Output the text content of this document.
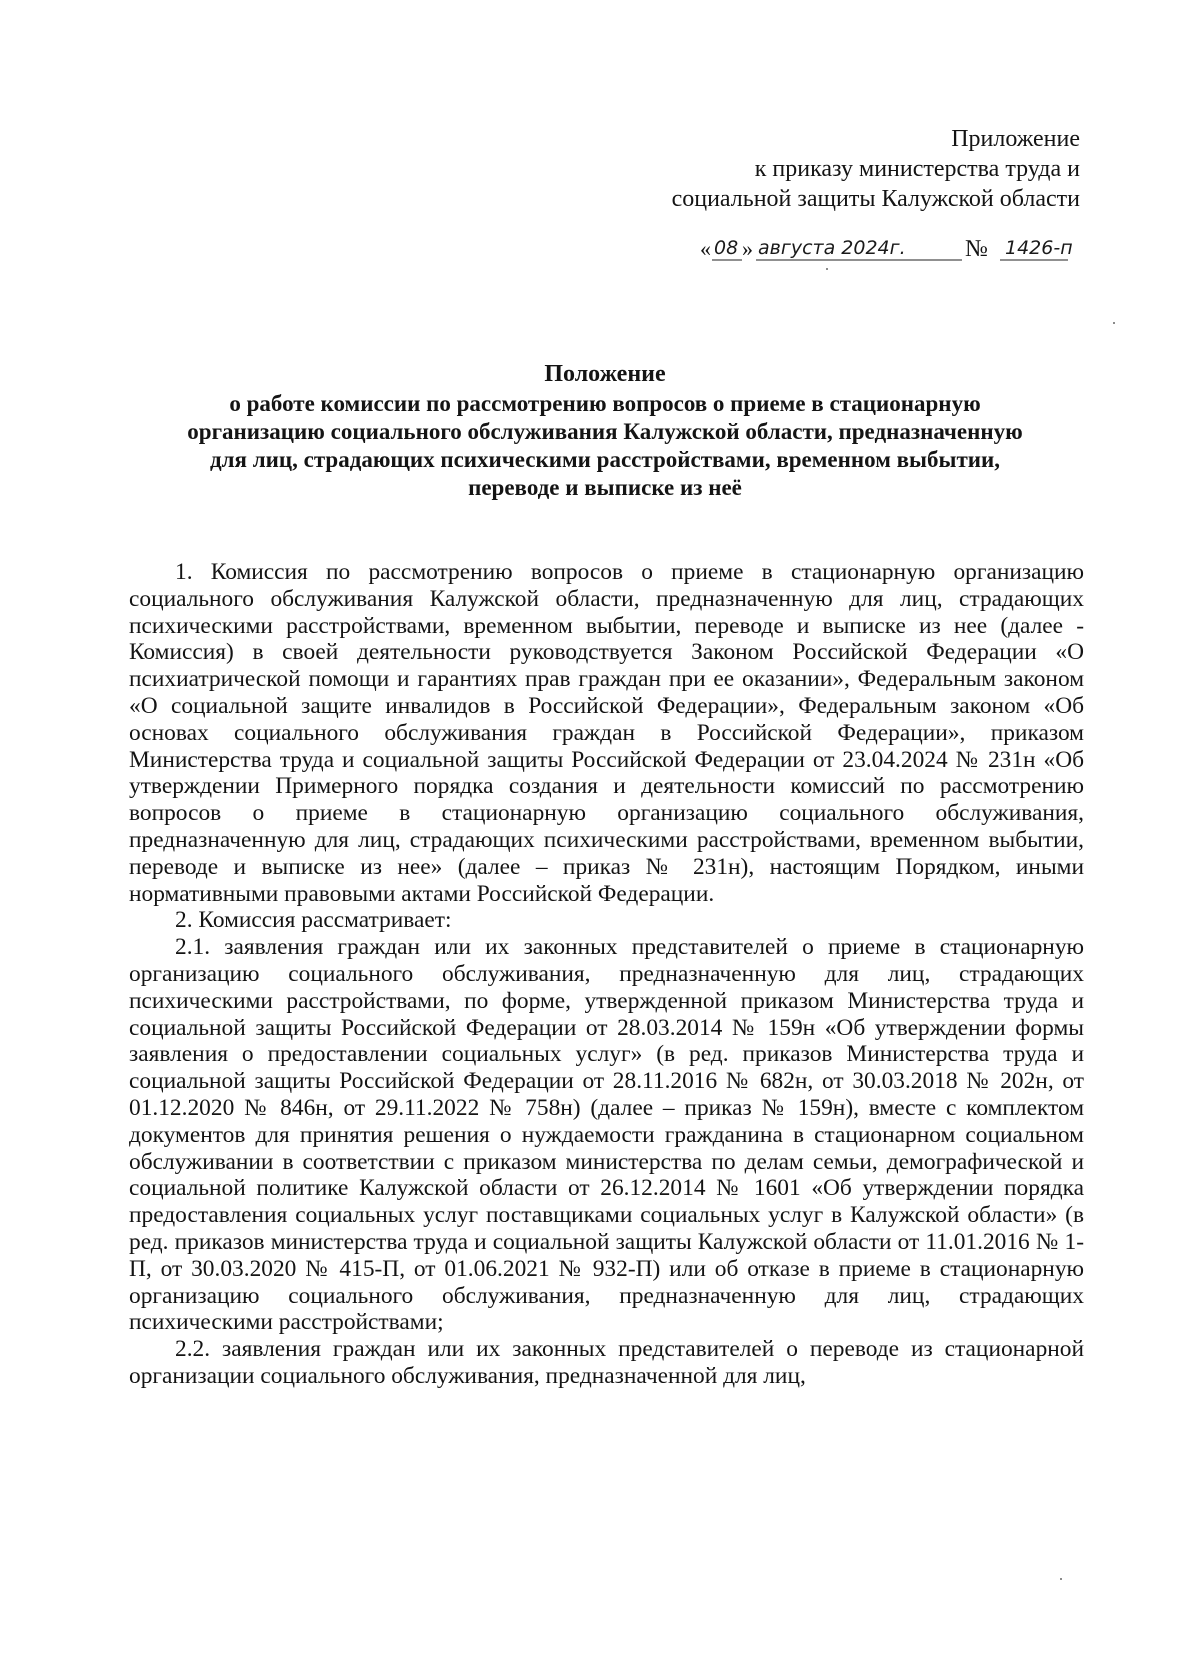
Приложение
к приказу министерства труда и
социальной защиты Калужской области
« 08 » августа 2024г.	1426-п
№
Положение
о работе комиссии по рассмотрению вопросов о приеме в стационарную
организацию социального обслуживания Калужской области, предназначенную
для лиц, страдающих психическими расстройствами, временном выбытии,
переводе и выписке из неё

1. Комиссия по рассмотрению вопросов о приеме в стационарную организацию социального обслуживания Калужской области, предназначенную для лиц, страдающих психическими расстройствами, временном выбытии, переводе и выписке из нее (далее - Комиссия) в своей деятельности руководствуется Законом Российской Федерации «О психиатрической помощи и гарантиях прав граждан при ее оказании», Федеральным законом «О социальной защите инвалидов в Российской Федерации», Федеральным законом «Об основах социального обслуживания граждан в Российской Федерации», приказом Министерства труда и социальной защиты Российской Федерации от 23.04.2024 № 231н «Об утверждении Примерного порядка создания и деятельности комиссий по рассмотрению вопросов о приеме в стационарную организацию социального обслуживания, предназначенную для лиц, страдающих психическими расстройствами, временном выбытии, переводе и выписке из нее» (далее – приказ № 231н), настоящим Порядком, иными нормативными правовыми актами Российской Федерации.

2. Комиссия рассматривает:

2.1. заявления граждан или их законных представителей о приеме в стационарную организацию социального обслуживания, предназначенную для лиц, страдающих психическими расстройствами, по форме, утвержденной приказом Министерства труда и социальной защиты Российской Федерации от 28.03.2014 № 159н «Об утверждении формы заявления о предоставлении социальных услуг» (в ред. приказов Министерства труда и социальной защиты Российской Федерации от 28.11.2016 № 682н, от 30.03.2018 № 202н, от 01.12.2020 № 846н, от 29.11.2022 № 758н) (далее – приказ № 159н), вместе с комплектом документов для принятия решения о нуждаемости гражданина в стационарном социальном обслуживании в соответствии с приказом министерства по делам семьи, демографической и социальной политике Калужской области от 26.12.2014 № 1601 «Об утверждении порядка предоставления социальных услуг поставщиками социальных услуг в Калужской области» (в ред. приказов министерства труда и социальной защиты Калужской области от 11.01.2016 № 1-П, от 30.03.2020 № 415-П, от 01.06.2021 № 932-П) или об отказе в приеме в стационарную организацию социального обслуживания, предназначенную для лиц, страдающих психическими расстройствами;

2.2. заявления граждан или их законных представителей о переводе из стационарной организации социального обслуживания, предназначенной для лиц,
